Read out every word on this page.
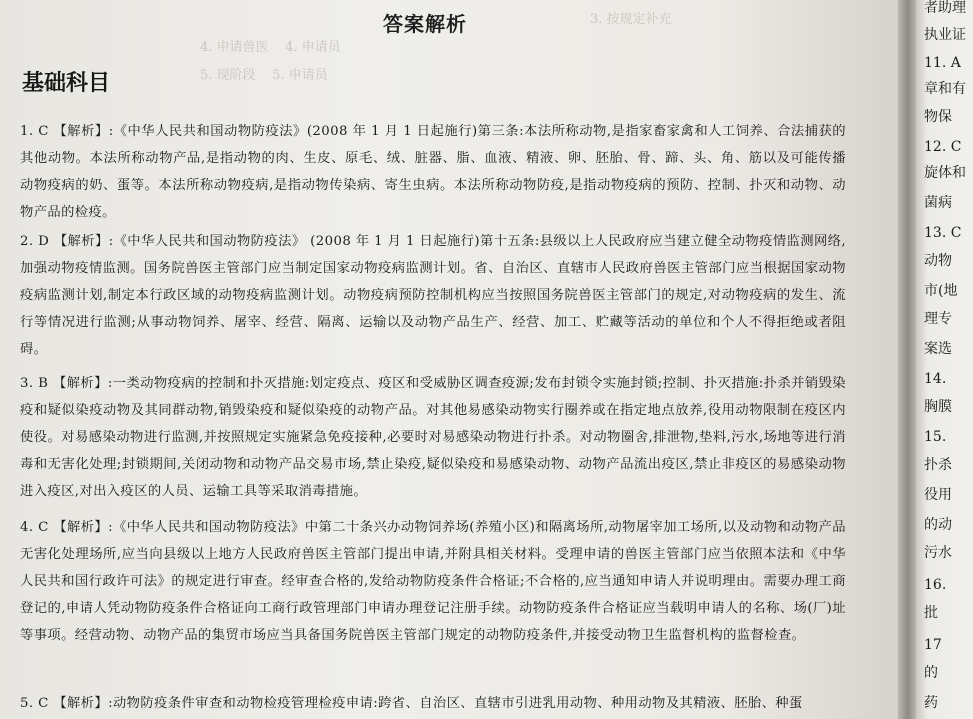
4. 申请兽医    4. 申请员
5. 现阶段    5. 申请员
3. 按规定补充
答案解析
基础科目
1. C 【解析】:《中华人民共和国动物防疫法》(2008 年 1 月 1 日起施行)第三条:本法所称动物,是指家畜家禽和人工饲养、合法捕获的其他动物。本法所称动物产品,是指动物的肉、生皮、原毛、绒、脏器、脂、血液、精液、卵、胚胎、骨、蹄、头、角、筋以及可能传播动物疫病的奶、蛋等。本法所称动物疫病,是指动物传染病、寄生虫病。本法所称动物防疫,是指动物疫病的预防、控制、扑灭和动物、动物产品的检疫。
2. D 【解析】:《中华人民共和国动物防疫法》 (2008 年 1 月 1 日起施行)第十五条:县级以上人民政府应当建立健全动物疫情监测网络,加强动物疫情监测。国务院兽医主管部门应当制定国家动物疫病监测计划。省、自治区、直辖市人民政府兽医主管部门应当根据国家动物疫病监测计划,制定本行政区域的动物疫病监测计划。动物疫病预防控制机构应当按照国务院兽医主管部门的规定,对动物疫病的发生、流行等情况进行监测;从事动物饲养、屠宰、经营、隔离、运输以及动物产品生产、经营、加工、贮藏等活动的单位和个人不得拒绝或者阻碍。
3. B 【解析】:一类动物疫病的控制和扑灭措施:划定疫点、疫区和受威胁区调查疫源;发布封锁令实施封锁;控制、扑灭措施:扑杀并销毁染疫和疑似染疫动物及其同群动物,销毁染疫和疑似染疫的动物产品。对其他易感染动物实行圈养或在指定地点放养,役用动物限制在疫区内使役。对易感染动物进行监测,并按照规定实施紧急免疫接种,必要时对易感染动物进行扑杀。对动物圈舍,排泄物,垫料,污水,场地等进行消毒和无害化处理;封锁期间,关闭动物和动物产品交易市场,禁止染疫,疑似染疫和易感染动物、动物产品流出疫区,禁止非疫区的易感染动物进入疫区,对出入疫区的人员、运输工具等采取消毒措施。
4. C 【解析】:《中华人民共和国动物防疫法》中第二十条兴办动物饲养场(养殖小区)和隔离场所,动物屠宰加工场所,以及动物和动物产品无害化处理场所,应当向县级以上地方人民政府兽医主管部门提出申请,并附具相关材料。受理申请的兽医主管部门应当依照本法和《中华人民共和国行政许可法》的规定进行审查。经审查合格的,发给动物防疫条件合格证;不合格的,应当通知申请人并说明理由。需要办理工商登记的,申请人凭动物防疫条件合格证向工商行政管理部门申请办理登记注册手续。动物防疫条件合格证应当载明申请人的名称、场(厂)址等事项。经营动物、动物产品的集贸市场应当具备国务院兽医主管部门规定的动物防疫条件,并接受动物卫生监督机构的监督检查。
5. C 【解析】:动物防疫条件审查和动物检疫管理检疫申请:跨省、自治区、直辖市引进乳用动物、种用动物及其精液、胚胎、种蛋
者助理
执业证
11. A
章和有
物保
12. C
旋体和
菌病
13. C
动物
市(地
理专
案选
14.
胸膜
15.
扑杀
役用
的动
污水
16.
批
17
的
药
